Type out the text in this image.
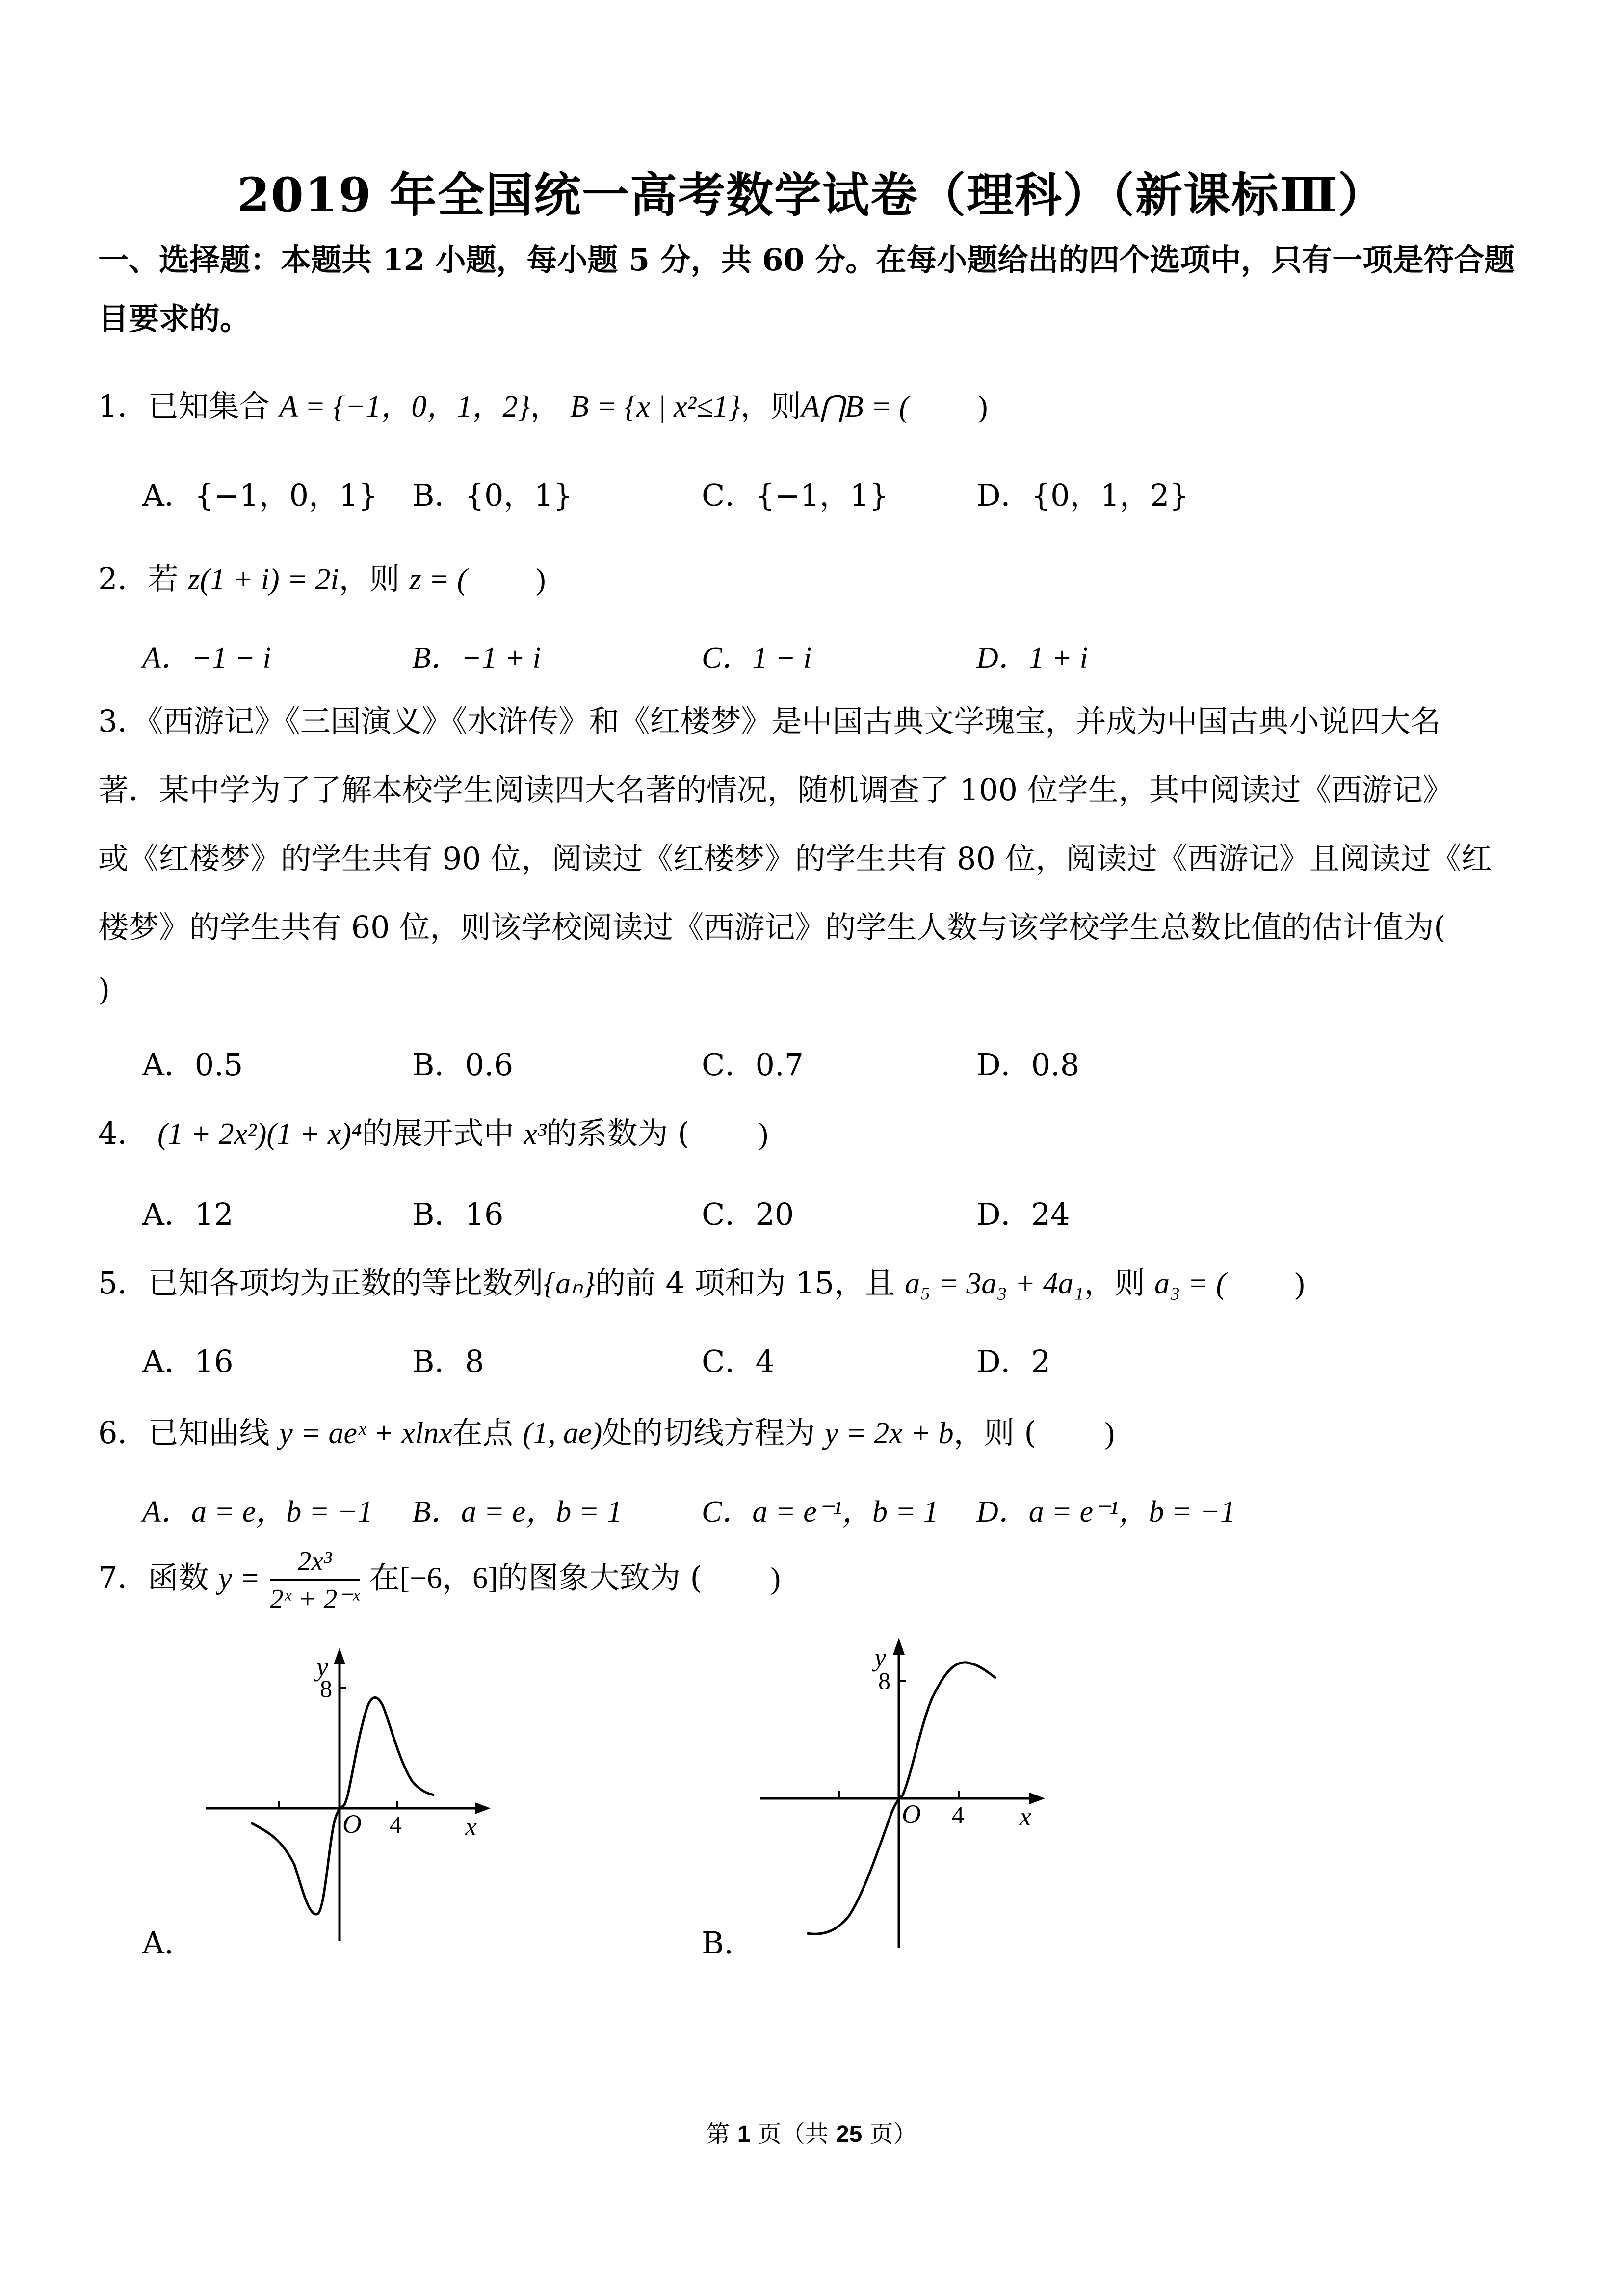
2019 年全国统一高考数学试卷（理科）（新课标Ⅲ）
一、选择题：本题共 12 小题，每小题 5 分，共 60 分。在每小题给出的四个选项中，只有一项是符合题目要求的。
1．已知集合 A = {−1，0，1，2}， B = {x | x²≤1}，则A⋂B = ( )
A．{−1，0，1} B．{0，1}	C．{−1，1}	D．{0，1，2}
2．若 z(1 + i) = 2i，则 z = ( )
A．−1 − i	B．−1 + i	C．1 − i	D．1 + i
3．《西游记》《三国演义》《水浒传》和《红楼梦》是中国古典文学瑰宝，并成为中国古典小说四大名
著．某中学为了了解本校学生阅读四大名著的情况，随机调查了 100 位学生，其中阅读过《西游记》
或《红楼梦》的学生共有 90 位，阅读过《红楼梦》的学生共有 80 位，阅读过《西游记》且阅读过《红
楼梦》的学生共有 60 位，则该学校阅读过《西游记》的学生人数与该学校学生总数比值的估计值为(
)
A．0.5	B．0.6	C．0.7	D．0.8
4． (1 + 2x²)(1 + x)⁴的展开式中 x³的系数为 ( )
A．12	B．16	C．20	D．24
5．已知各项均为正数的等比数列{aₙ}的前 4 项和为 15，且 a₅ = 3a₃ + 4a₁，则 a₃ = ( )
A．16	B．8	C．4	D．2
6．已知曲线 y = aeˣ + xlnx在点 (1, ae)处的切线方程为 y = 2x + b，则 ( )
A．a = e，b = −1 B．a = e，b = 1	C．a = e⁻¹，b = 1 D．a = e⁻¹，b = −1
7．函数 $y = \frac{\text{2x³}}{\text{2ˣ + 2⁻ˣ}}$ 在[−6，6]的图象大致为 ( )
y
8
O 4 x
A．
y
8
O 4 x
B．
第 1 页（共 25 页）
